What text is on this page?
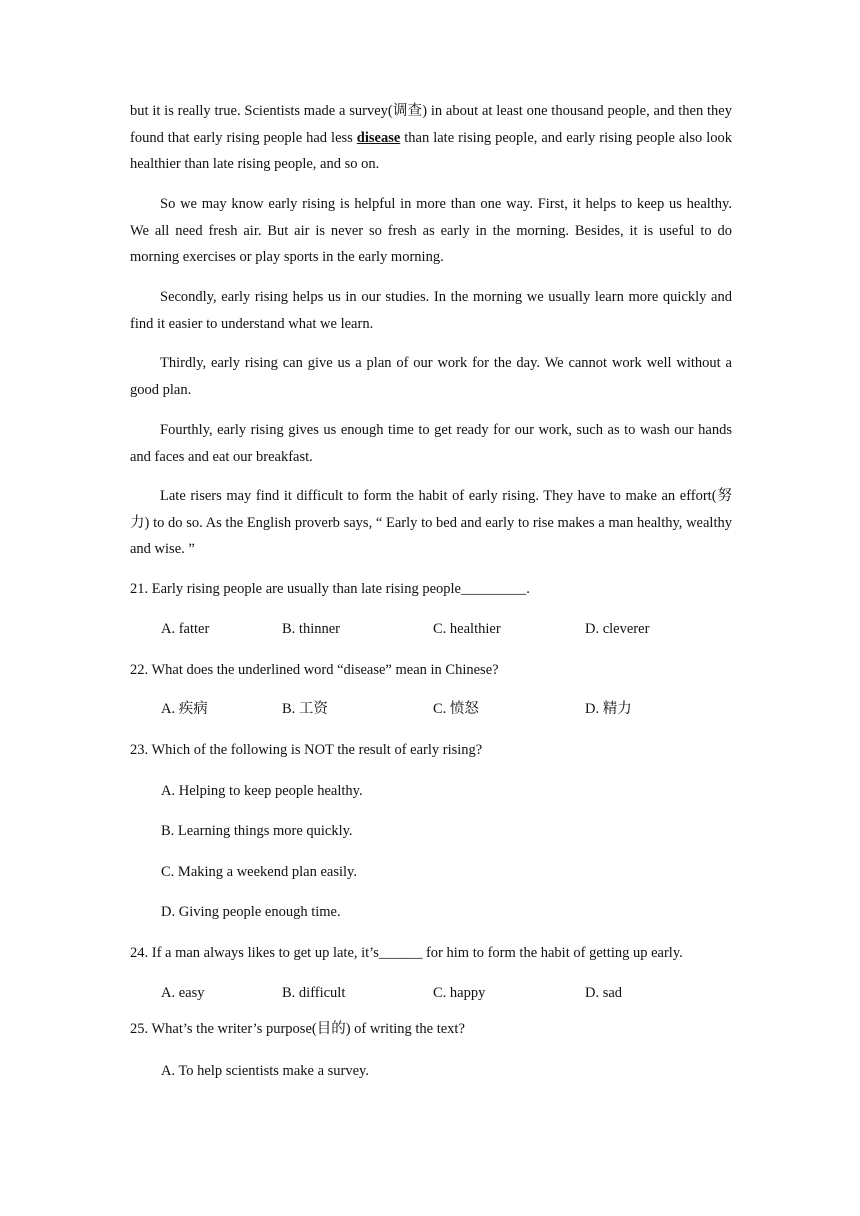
but it is really true. Scientists made a survey(调查) in about at least one thousand people, and then they found that early rising people had less disease than late rising people, and early rising people also look healthier than late rising people, and so on.

So we may know early rising is helpful in more than one way. First, it helps to keep us healthy. We all need fresh air. But air is never so fresh as early in the morning. Besides, it is useful to do morning exercises or play sports in the early morning.

Secondly, early rising helps us in our studies. In the morning we usually learn more quickly and find it easier to understand what we learn.

Thirdly, early rising can give us a plan of our work for the day. We cannot work well without a good plan.

Fourthly, early rising gives us enough time to get ready for our work, such as to wash our hands and faces and eat our breakfast.

Late risers may find it difficult to form the habit of early rising. They have to make an effort(努力) to do so. As the English proverb says, “ Early to bed and early to rise makes a man healthy, wealthy and wise. ”

21. Early rising people are usually than late rising people_________.

A. fatter	B. thinner	C. healthier	D. cleverer

22. What does the underlined word “disease” mean in Chinese?

A. 疾病	B. 工资	C. 愤怒	D. 精力

23. Which of the following is NOT the result of early rising?

A. Helping to keep people healthy.
B. Learning things more quickly.
C. Making a weekend plan easily.
D. Giving people enough time.

24. If a man always likes to get up late, it’s______ for him to form the habit of getting up early.

A. easy	B. difficult	C. happy	D. sad

25. What’s the writer’s purpose(目的) of writing the text?

A. To help scientists make a survey.
